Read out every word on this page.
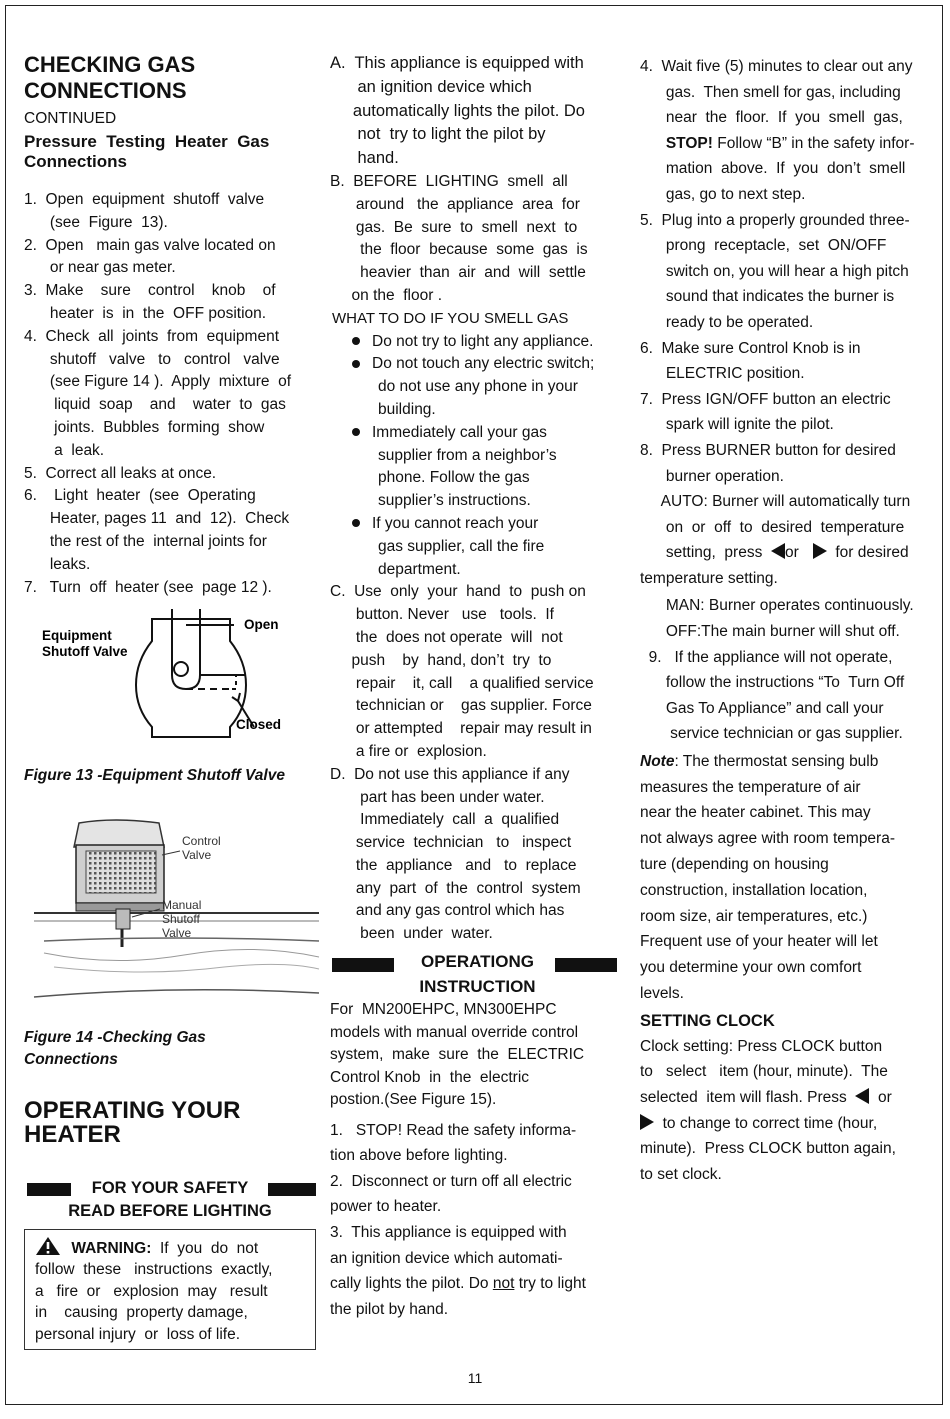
CHECKING GAS
CONNECTIONS
CONTINUED
Pressure  Testing  Heater  Gas
Connections
1.  Open  equipment  shutoff  valve
(see  Figure  13).
2.  Open   main gas valve located on
or near gas meter.
3.  Make    sure    control    knob    of
heater  is  in  the  OFF position.
4.  Check  all  joints  from  equipment
shutoff   valve   to   control   valve
(see Figure 14 ).  Apply  mixture  of
liquid  soap    and    water  to  gas
joints.  Bubbles  forming  show
a  leak.
5.  Correct all leaks at once.
6.    Light  heater  (see  Operating
Heater, pages 11  and  12).  Check
the rest of the  internal joints for
leaks.
7.   Turn  off  heater (see  page 12 ).
Equipment
Shutoff Valve
Open
Closed
Figure 13 -Equipment Shutoff Valve
Control
Valve
Manual
Shutoff
Valve
Figure 14 -Checking Gas
Connections
OPERATING YOUR
HEATER
FOR YOUR SAFETY
READ BEFORE LIGHTING
WARNING:  If  you  do  not
follow  these   instructions  exactly,
a   fire  or   explosion  may   result
in    causing  property damage,
personal injury  or  loss of life.
A.  This appliance is equipped with
an ignition device which
automatically lights the pilot. Do
not  try to light the pilot by
hand.
B.  BEFORE  LIGHTING  smell  all
around   the  appliance  area  for
gas.  Be  sure  to  smell  next  to
the  floor  because  some  gas  is
heavier  than  air  and  will  settle
on the  floor .
WHAT TO DO IF YOU SMELL GAS
Do not try to light any appliance.
Do not touch any electric switch;
do not use any phone in your
building.
Immediately call your gas
supplier from a neighbor’s
phone. Follow the gas
supplier’s instructions.
If you cannot reach your
gas supplier, call the fire
department.
C.  Use  only  your  hand  to  push on
button. Never   use   tools.  If
the  does not operate  will  not
push    by  hand, don’t  try  to
repair    it, call    a qualified service
technician or    gas supplier. Force
or attempted    repair may result in
a fire or  explosion.
D.  Do not use this appliance if any
part has been under water.
Immediately  call  a  qualified
service  technician   to   inspect
the  appliance   and   to  replace
any  part  of  the  control  system
and any gas control which has
been  under  water.
OPERATIONG
INSTRUCTION
For  MN200EHPC, MN300EHPC
models with manual override control
system,  make  sure  the  ELECTRIC
Control Knob  in  the  electric
postion.(See Figure 15).
1.   STOP! Read the safety informa-
tion above before lighting.
2.  Disconnect or turn off all electric
power to heater.
3.  This appliance is equipped with
an ignition device which automati-
cally lights the pilot. Do not try to light
the pilot by hand.
4.  Wait five (5) minutes to clear out any
gas.  Then smell for gas, including
near  the  floor.  If  you  smell  gas,
STOP! Follow “B” in the safety infor-
mation  above.  If  you  don’t  smell
gas, go to next step.
5.  Plug into a properly grounded three-
prong  receptacle,  set  ON/OFF
switch on, you will hear a high pitch
sound that indicates the burner is
ready to be operated.
6.  Make sure Control Knob is in
ELECTRIC position.
7.  Press IGN/OFF button an electric
spark will ignite the pilot.
8.  Press BURNER button for desired
burner operation.
AUTO: Burner will automatically turn
on  or  off  to  desired  temperature
setting,  press  or  for desired
temperature setting.
MAN: Burner operates continuously.
OFF:The main burner will shut off.
9.   If the appliance will not operate,
follow the instructions “To  Turn Off
Gas To Appliance” and call your
service technician or gas supplier.
Note: The thermostat sensing bulb
measures the temperature of air
near the heater cabinet. This may
not always agree with room tempera-
ture (depending on housing
construction, installation location,
room size, air temperatures, etc.)
Frequent use of your heater will let
you determine your own comfort
levels.
SETTING CLOCK
Clock setting: Press CLOCK button
to   select   item (hour, minute).  The
selected  item will flash. Press    or
to change to correct time (hour,
minute).  Press CLOCK button again,
to set clock.
11
